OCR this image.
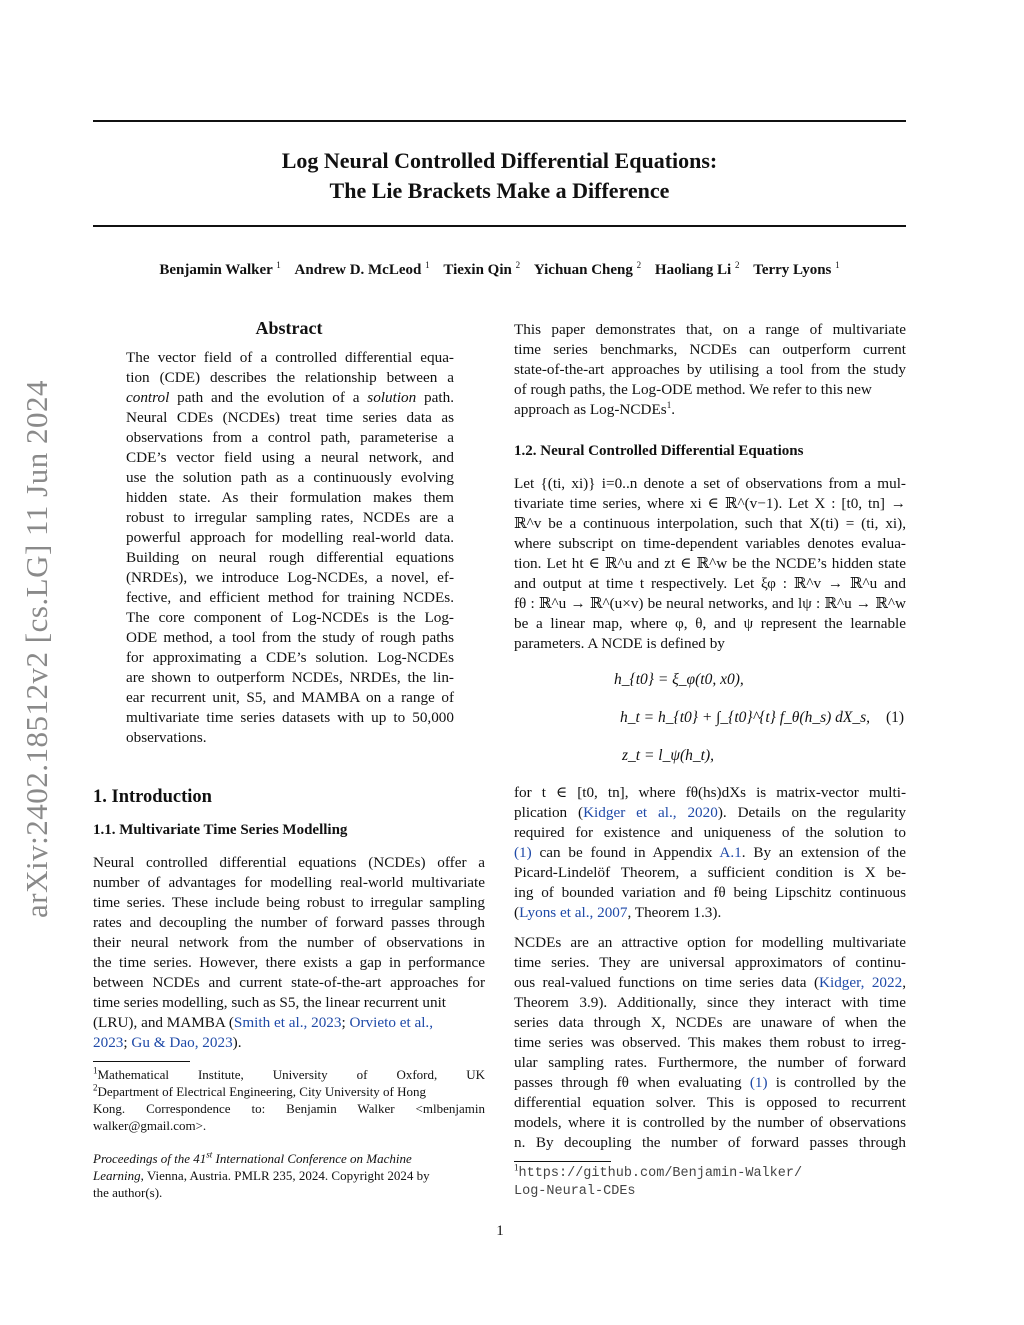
arXiv:2402.18512v2 [cs.LG] 11 Jun 2024
Log Neural Controlled Differential Equations:
The Lie Brackets Make a Difference
Benjamin Walker $^1$ Andrew D. McLeod $^1$ Tiexin Qin $^2$ Yichuan Cheng $^2$ Haoliang Li $^2$ Terry Lyons $^1$
Abstract
The vector field of a controlled differential equa-
tion (CDE) describes the relationship between a
control path and the evolution of a solution path.
Neural CDEs (NCDEs) treat time series data as
observations from a control path, parameterise a
CDE’s vector field using a neural network, and
use the solution path as a continuously evolving
hidden state. As their formulation makes them
robust to irregular sampling rates, NCDEs are a
powerful approach for modelling real-world data.
Building on neural rough differential equations
(NRDEs), we introduce Log-NCDEs, a novel, ef-
fective, and efficient method for training NCDEs.
The core component of Log-NCDEs is the Log-
ODE method, a tool from the study of rough paths
for approximating a CDE’s solution. Log-NCDEs
are shown to outperform NCDEs, NRDEs, the lin-
ear recurrent unit, S5, and MAMBA on a range of
multivariate time series datasets with up to 50,000
observations.
1. Introduction
1.1. Multivariate Time Series Modelling
Neural controlled differential equations (NCDEs) offer a
number of advantages for modelling real-world multivariate
time series. These include being robust to irregular sampling
rates and decoupling the number of forward passes through
their neural network from the number of observations in
the time series. However, there exists a gap in performance
between NCDEs and current state-of-the-art approaches for
time series modelling, such as S5, the linear recurrent unit
(LRU), and MAMBA (Smith et al., 2023; Orvieto et al.,
2023; Gu & Dao, 2023).
$^1$Mathematical Institute, University of Oxford, UK
$^2$Department of Electrical Engineering, City University of Hong
Kong. Correspondence to: Benjamin Walker <mlbenjamin
walker@gmail.com>.
Proceedings of the 41st International Conference on Machine
Learning, Vienna, Austria. PMLR 235, 2024. Copyright 2024 by
the author(s).
This paper demonstrates that, on a range of multivariate
time series benchmarks, NCDEs can outperform current
state-of-the-art approaches by utilising a tool from the study
of rough paths, the Log-ODE method. We refer to this new
approach as Log-NCDEs$^1$.
1.2. Neural Controlled Differential Equations
Let {(ti, xi)} i=0..n denote a set of observations from a mul-
tivariate time series, where xi ∈ ℝ^(v−1). Let X : [t0, tn] →
ℝ^v be a continuous interpolation, such that X(ti) = (ti, xi),
where subscript on time-dependent variables denotes evalua-
tion. Let ht ∈ ℝ^u and zt ∈ ℝ^w be the NCDE’s hidden state
and output at time t respectively. Let ξφ : ℝ^v → ℝ^u and
fθ : ℝ^u → ℝ^(u×v) be neural networks, and lψ : ℝ^u → ℝ^w
be a linear map, where φ, θ, and ψ represent the learnable
parameters. A NCDE is defined by
h_{t0} = ξ_φ(t0, x0),
h_t = h_{t0} + ∫_{t0}^{t} f_θ(h_s) dX_s,
z_t = l_ψ(h_t),
(1)
for t ∈ [t0, tn], where fθ(hs)dXs is matrix-vector multi-
plication (Kidger et al., 2020). Details on the regularity
required for existence and uniqueness of the solution to
(1) can be found in Appendix A.1. By an extension of the
Picard-Lindelöf Theorem, a sufficient condition is X be-
ing of bounded variation and fθ being Lipschitz continuous
(Lyons et al., 2007, Theorem 1.3).
NCDEs are an attractive option for modelling multivariate
time series. They are universal approximators of continu-
ous real-valued functions on time series data (Kidger, 2022,
Theorem 3.9). Additionally, since they interact with time
series data through X, NCDEs are unaware of when the
time series was observed. This makes them robust to irreg-
ular sampling rates. Furthermore, the number of forward
passes through fθ when evaluating (1) is controlled by the
differential equation solver. This is opposed to recurrent
models, where it is controlled by the number of observations
n. By decoupling the number of forward passes through
$^1$https://github.com/Benjamin-Walker/
Log-Neural-CDEs
1
